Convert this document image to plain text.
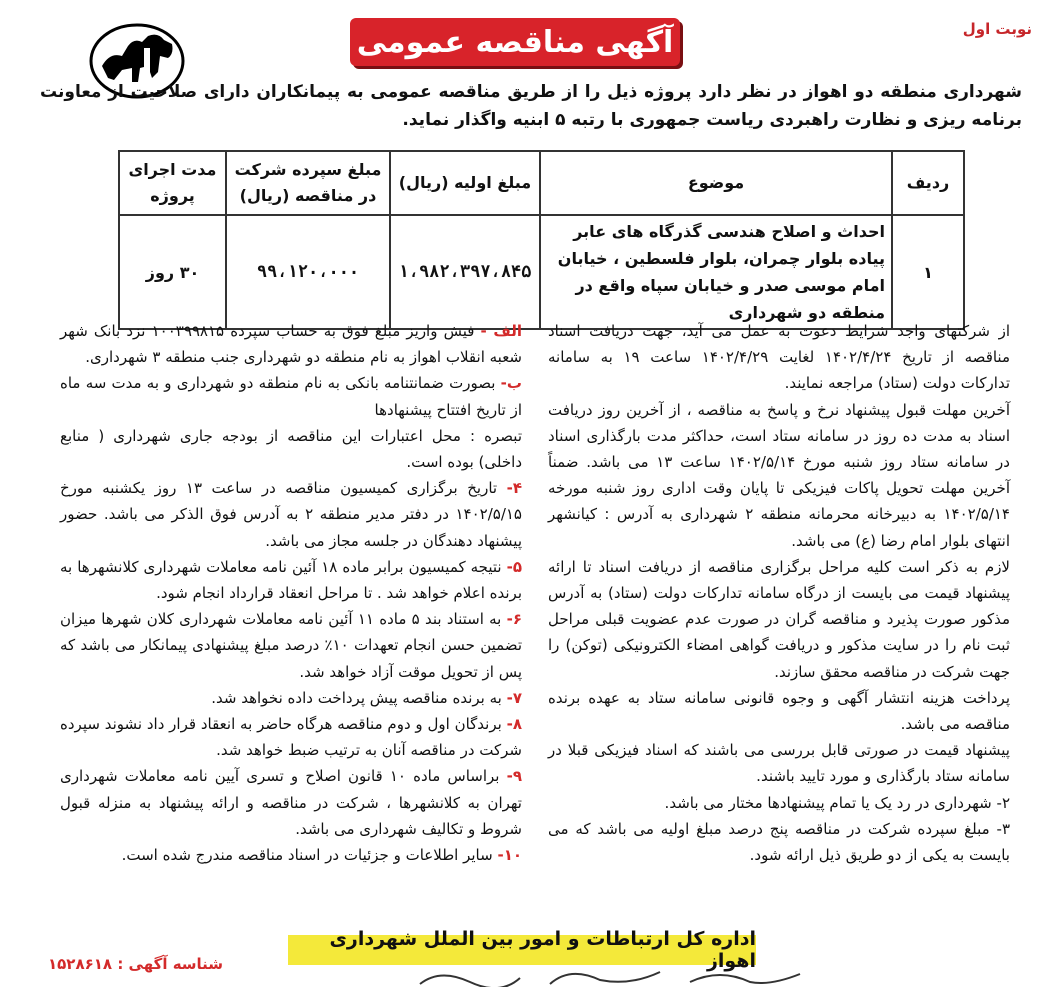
نوبت اول
آگهی مناقصه عمومی
شهرداری منطقه دو اهواز در نظر دارد پروژه ذیل را از طریق مناقصه عمومی به پیمانکاران دارای صلاحیت از معاونت برنامه ریزی و نظارت راهبردی ریاست جمهوری با رتبه ۵ ابنیه واگذار نماید.
ردیف	موضوع	مبلغ اولیه (ریال)	مبلغ سپرده شرکت در مناقصه (ریال)	مدت اجرای پروژه
۱	احداث و اصلاح هندسی گذرگاه های عابر پیاده بلوار چمران، بلوار فلسطین ، خیابان امام موسی صدر و خیابان سپاه واقع در منطقه دو شهرداری	۱،۹۸۲،۳۹۷،۸۴۵	۹۹،۱۲۰،۰۰۰	۳۰ روز

از شرکتهای واجد شرایط دعوت به عمل می آید، جهت دریافت اسناد مناقصه از تاریخ ۱۴۰۲/۴/۲۴ لغایت ۱۴۰۲/۴/۲۹ ساعت ۱۹ به سامانه تدارکات دولت (ستاد) مراجعه نمایند.

آخرین مهلت قبول پیشنهاد نرخ و پاسخ به مناقصه ، از آخرین روز دریافت اسناد به مدت ده روز در سامانه ستاد است، حداکثر مدت بارگذاری اسناد در سامانه ستاد روز شنبه مورخ ۱۴۰۲/۵/۱۴ ساعت ۱۳ می باشد. ضمناً آخرین مهلت تحویل پاکات فیزیکی تا پایان وقت اداری روز شنبه مورخه ۱۴۰۲/۵/۱۴ به دبیرخانه محرمانه منطقه ۲ شهرداری به آدرس : کیانشهر انتهای بلوار امام رضا (ع) می باشد.

لازم به ذکر است کلیه مراحل برگزاری مناقصه از دریافت اسناد تا ارائه پیشنهاد قیمت می بایست از درگاه سامانه تدارکات دولت (ستاد) به آدرس مذکور صورت پذیرد و مناقصه گران در صورت عدم عضویت قبلی مراحل ثبت نام را در سایت مذکور و دریافت گواهی امضاء الکترونیکی (توکن) را جهت شرکت در مناقصه محقق سازند.

پرداخت هزینه انتشار آگهی و وجوه قانونی سامانه ستاد به عهده برنده مناقصه می باشد.

پیشنهاد قیمت در صورتی قابل بررسی می باشند که اسناد فیزیکی قبلا در سامانه ستاد بارگذاری و مورد تایید باشند.

۲- شهرداری در رد یک یا تمام پیشنهادها مختار می باشد.

۳- مبلغ سپرده شرکت در مناقصه پنج درصد مبلغ اولیه می باشد که می بایست به یکی از دو طریق ذیل ارائه شود.

الف - فیش واریز مبلغ فوق به حساب سپرده ۱۰۰۳۹۹۸۱۵ نزد بانک شهر شعبه انقلاب اهواز به نام منطقه دو شهرداری جنب منطقه ۳ شهرداری.

ب- بصورت ضمانتنامه بانکی به نام منطقه دو شهرداری و به مدت سه ماه از تاریخ افتتاح پیشنهادها

تبصره : محل اعتبارات این مناقصه از بودجه جاری شهرداری ( منابع داخلی) بوده است.

۴- تاریخ برگزاری کمیسیون مناقصه در ساعت ۱۳ روز یکشنبه مورخ ۱۴۰۲/۵/۱۵ در دفتر مدیر منطقه ۲ به آدرس فوق الذکر می باشد. حضور پیشنهاد دهندگان در جلسه مجاز می باشد.

۵- نتیجه کمیسیون برابر ماده ۱۸ آئین نامه معاملات شهرداری کلانشهرها به برنده اعلام خواهد شد . تا مراحل انعقاد قرارداد انجام شود.

۶- به استناد بند ۵ ماده ۱۱ آئین نامه معاملات شهرداری کلان شهرها میزان تضمین حسن انجام تعهدات ۱۰٪ درصد مبلغ پیشنهادی پیمانکار می باشد که پس از تحویل موقت آزاد خواهد شد.

۷- به برنده مناقصه پیش پرداخت داده نخواهد شد.

۸- برندگان اول و دوم مناقصه هرگاه حاضر به انعقاد قرار داد نشوند سپرده شرکت در مناقصه آنان به ترتیب ضبط خواهد شد.

۹- براساس ماده ۱۰ قانون اصلاح و تسری آیین نامه معاملات شهرداری تهران به کلانشهرها ، شرکت در مناقصه و ارائه پیشنهاد به منزله قبول شروط و تکالیف شهرداری می باشد.

۱۰- سایر اطلاعات و جزئیات در اسناد مناقصه مندرج شده است.

اداره کل ارتباطات و امور بین الملل شهرداری اهواز
شناسه آگهی : ۱۵۲۸۶۱۸
